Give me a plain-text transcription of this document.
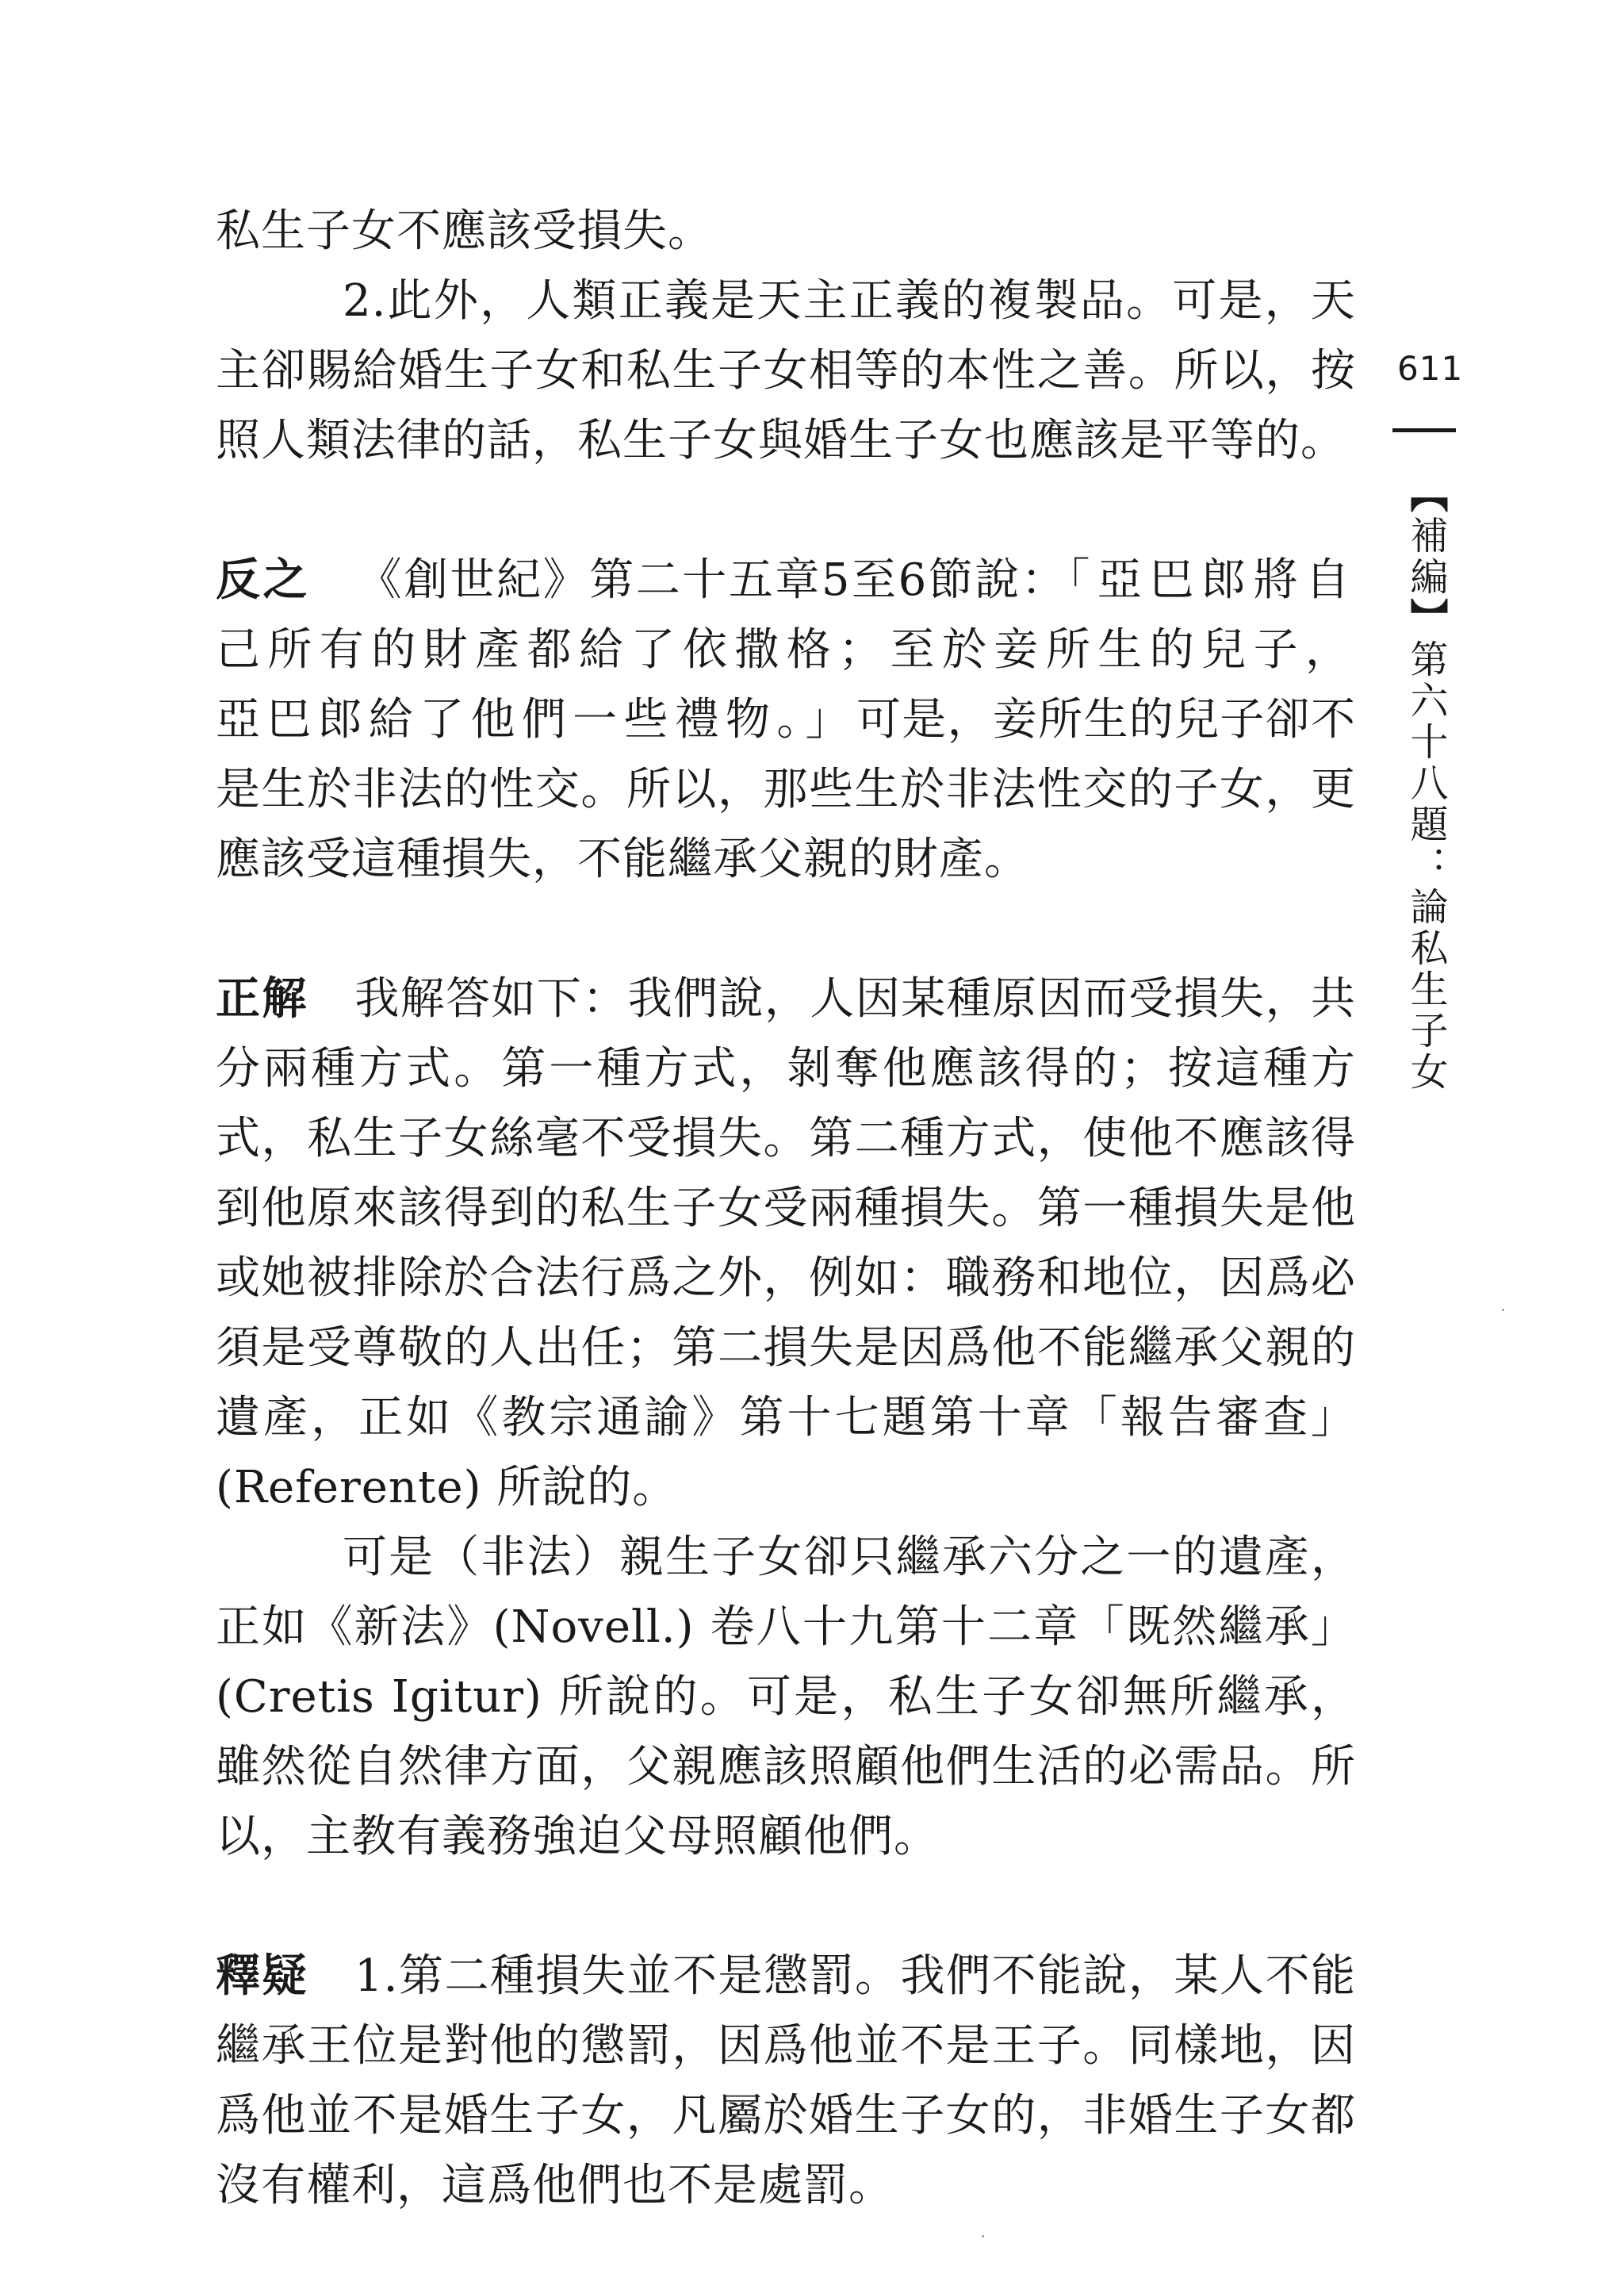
私生子女不應該受損失。

2.此外，人類正義是天主正義的複製品。可是，天主卻賜給婚生子女和私生子女相等的本性之善。所以，按照人類法律的話，私生子女與婚生子女也應該是平等的。

反之 《創世紀》第二十五章5至6節說：「亞巴郎將自己所有的財產都給了依撒格；至於妾所生的兒子，亞巴郎給了他們一些禮物。」可是，妾所生的兒子卻不是生於非法的性交。所以，那些生於非法性交的子女，更應該受這種損失，不能繼承父親的財產。

正解 我解答如下：我們說，人因某種原因而受損失，共分兩種方式。第一種方式，剝奪他應該得的；按這種方式，私生子女絲毫不受損失。第二種方式，使他不應該得到他原來該得到的私生子女受兩種損失。第一種損失是他或她被排除於合法行爲之外，例如：職務和地位，因爲必須是受尊敬的人出任；第二損失是因爲他不能繼承父親的遺產，正如《教宗通諭》第十七題第十章「報告審查」(Referente) 所說的。

可是（非法）親生子女卻只繼承六分之一的遺產，正如《新法》(Novell.) 卷八十九第十二章「既然繼承」(Cretis Igitur) 所說的。可是，私生子女卻無所繼承，雖然從自然律方面，父親應該照顧他們生活的必需品。所以，主教有義務強迫父母照顧他們。

釋疑 1.第二種損失並不是懲罰。我們不能說，某人不能繼承王位是對他的懲罰，因爲他並不是王子。同樣地，因爲他並不是婚生子女，凡屬於婚生子女的，非婚生子女都沒有權利，這爲他們也不是處罰。

611
【補編】第六十八題：論私生子女
